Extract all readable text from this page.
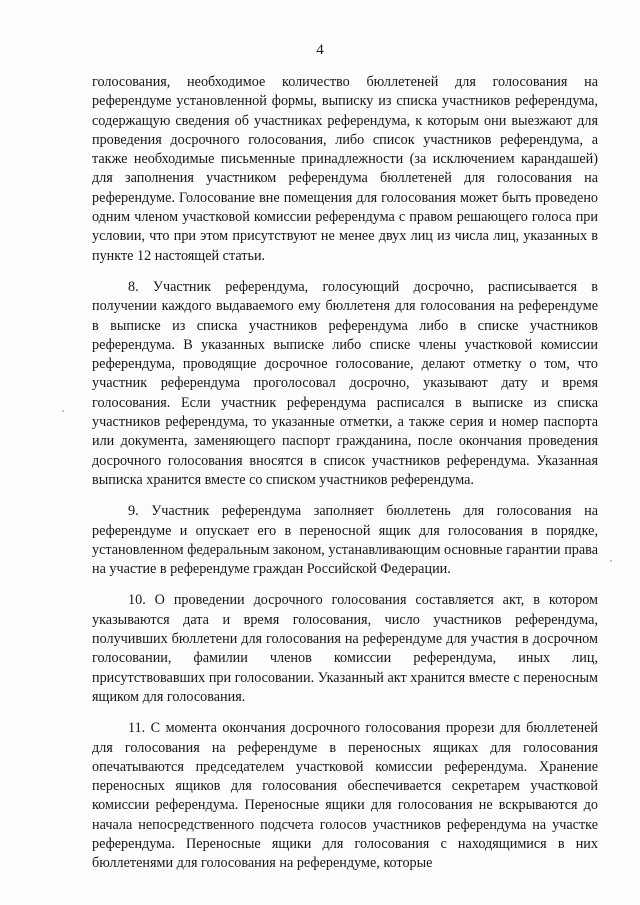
4

голосования, необходимое количество бюллетеней для голосования на референдуме установленной формы, выписку из списка участников референдума, содержащую сведения об участниках референдума, к которым они выезжают для проведения досрочного голосования, либо список участников референдума, а также необходимые письменные принадлежности (за исключением карандашей) для заполнения участником референдума бюллетеней для голосования на референдуме. Голосование вне помещения для голосования может быть проведено одним членом участковой комиссии референдума с правом решающего голоса при условии, что при этом присутствуют не менее двух лиц из числа лиц, указанных в пункте 12 настоящей статьи.

8. Участник референдума, голосующий досрочно, расписывается в получении каждого выдаваемого ему бюллетеня для голосования на референдуме в выписке из списка участников референдума либо в списке участников референдума. В указанных выписке либо списке члены участковой комиссии референдума, проводящие досрочное голосование, делают отметку о том, что участник референдума проголосовал досрочно, указывают дату и время голосования. Если участник референдума расписался в выписке из списка участников референдума, то указанные отметки, а также серия и номер паспорта или документа, заменяющего паспорт гражданина, после окончания проведения досрочного голосования вносятся в список участников референдума. Указанная выписка хранится вместе со списком участников референдума.

9. Участник референдума заполняет бюллетень для голосования на референдуме и опускает его в переносной ящик для голосования в порядке, установленном федеральным законом, устанавливающим основные гарантии права на участие в референдуме граждан Российской Федерации.

10. О проведении досрочного голосования составляется акт, в котором указываются дата и время голосования, число участников референдума, получивших бюллетени для голосования на референдуме для участия в досрочном голосовании, фамилии членов комиссии референдума, иных лиц, присутствовавших при голосовании. Указанный акт хранится вместе с переносным ящиком для голосования.

11. С момента окончания досрочного голосования прорези для бюллетеней для голосования на референдуме в переносных ящиках для голосования опечатываются председателем участковой комиссии референдума. Хранение переносных ящиков для голосования обеспечивается секретарем участковой комиссии референдума. Переносные ящики для голосования не вскрываются до начала непосредственного подсчета голосов участников референдума на участке референдума. Переносные ящики для голосования с находящимися в них бюллетенями для голосования на референдуме, которые
